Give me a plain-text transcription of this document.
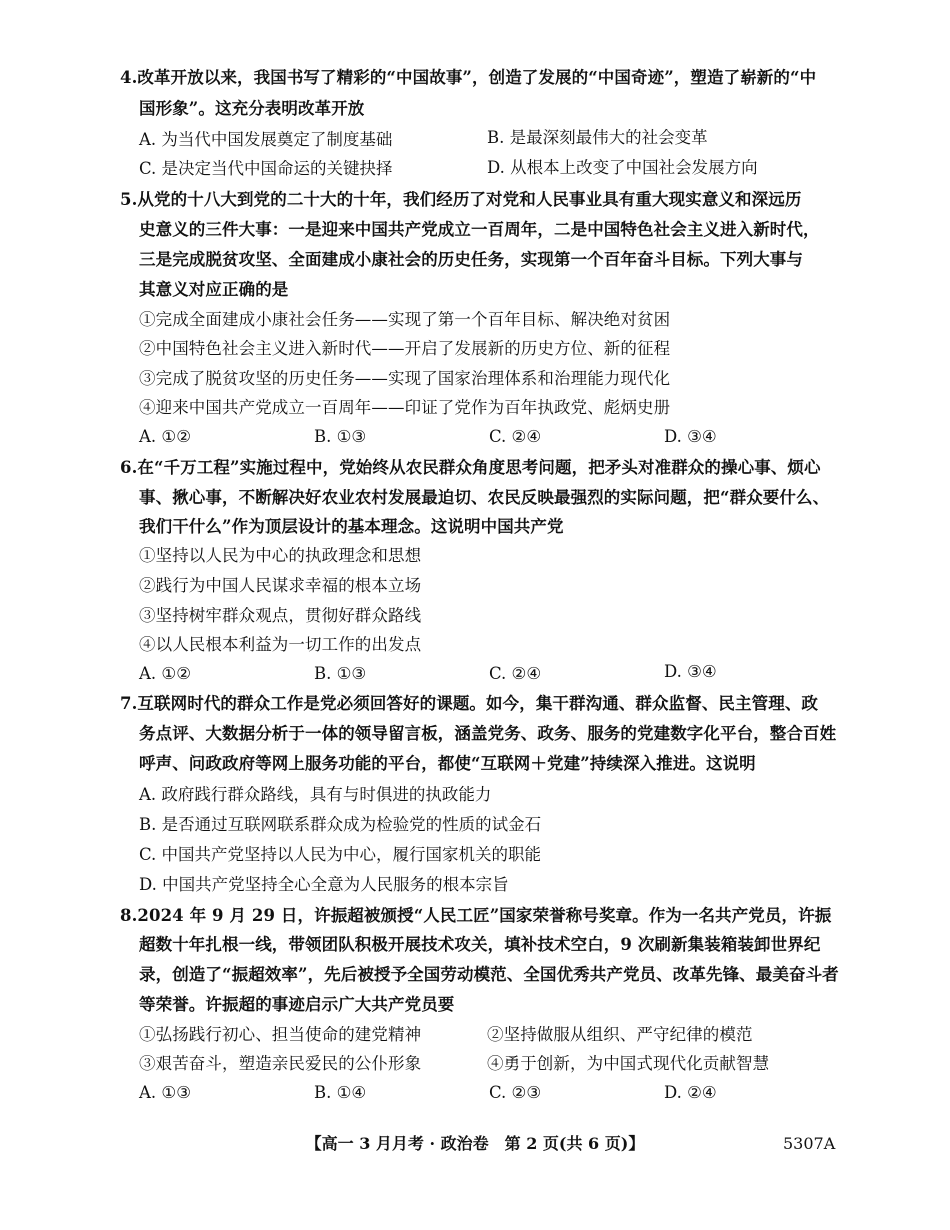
4.改革开放以来，我国书写了精彩的“中国故事”，创造了发展的“中国奇迹”，塑造了崭新的“中
国形象”。这充分表明改革开放
A. 为当代中国发展奠定了制度基础	B. 是最深刻最伟大的社会变革
C. 是决定当代中国命运的关键抉择	D. 从根本上改变了中国社会发展方向
5.从党的十八大到党的二十大的十年，我们经历了对党和人民事业具有重大现实意义和深远历
史意义的三件大事：一是迎来中国共产党成立一百周年，二是中国特色社会主义进入新时代，
三是完成脱贫攻坚、全面建成小康社会的历史任务，实现第一个百年奋斗目标。下列大事与
其意义对应正确的是
①完成全面建成小康社会任务——实现了第一个百年目标、解决绝对贫困
②中国特色社会主义进入新时代——开启了发展新的历史方位、新的征程
③完成了脱贫攻坚的历史任务——实现了国家治理体系和治理能力现代化
④迎来中国共产党成立一百周年——印证了党作为百年执政党、彪炳史册
A. ①②	B. ①③	C. ②④	D. ③④
6.在“千万工程”实施过程中，党始终从农民群众角度思考问题，把矛头对准群众的操心事、烦心
事、揪心事，不断解决好农业农村发展最迫切、农民反映最强烈的实际问题，把“群众要什么、
我们干什么”作为顶层设计的基本理念。这说明中国共产党
①坚持以人民为中心的执政理念和思想
②践行为中国人民谋求幸福的根本立场
③坚持树牢群众观点，贯彻好群众路线
④以人民根本利益为一切工作的出发点
A. ①②	B. ①③	C. ②④	D. ③④
7.互联网时代的群众工作是党必须回答好的课题。如今，集干群沟通、群众监督、民主管理、政
务点评、大数据分析于一体的领导留言板，涵盖党务、政务、服务的党建数字化平台，整合百姓
呼声、问政政府等网上服务功能的平台，都使“互联网＋党建”持续深入推进。这说明
A. 政府践行群众路线，具有与时俱进的执政能力
B. 是否通过互联网联系群众成为检验党的性质的试金石
C. 中国共产党坚持以人民为中心，履行国家机关的职能
D. 中国共产党坚持全心全意为人民服务的根本宗旨
8.2024 年 9 月 29 日，许振超被颁授“人民工匠”国家荣誉称号奖章。作为一名共产党员，许振
超数十年扎根一线，带领团队积极开展技术攻关，填补技术空白，9 次刷新集装箱装卸世界纪
录，创造了“振超效率”，先后被授予全国劳动模范、全国优秀共产党员、改革先锋、最美奋斗者
等荣誉。许振超的事迹启示广大共产党员要
①弘扬践行初心、担当使命的建党精神	②坚持做服从组织、严守纪律的模范
③艰苦奋斗，塑造亲民爱民的公仆形象	④勇于创新，为中国式现代化贡献智慧
A. ①③	B. ①④	C. ②③	D. ②④
【高一 3 月月考 · 政治卷　第 2 页(共 6 页)】	5307A
